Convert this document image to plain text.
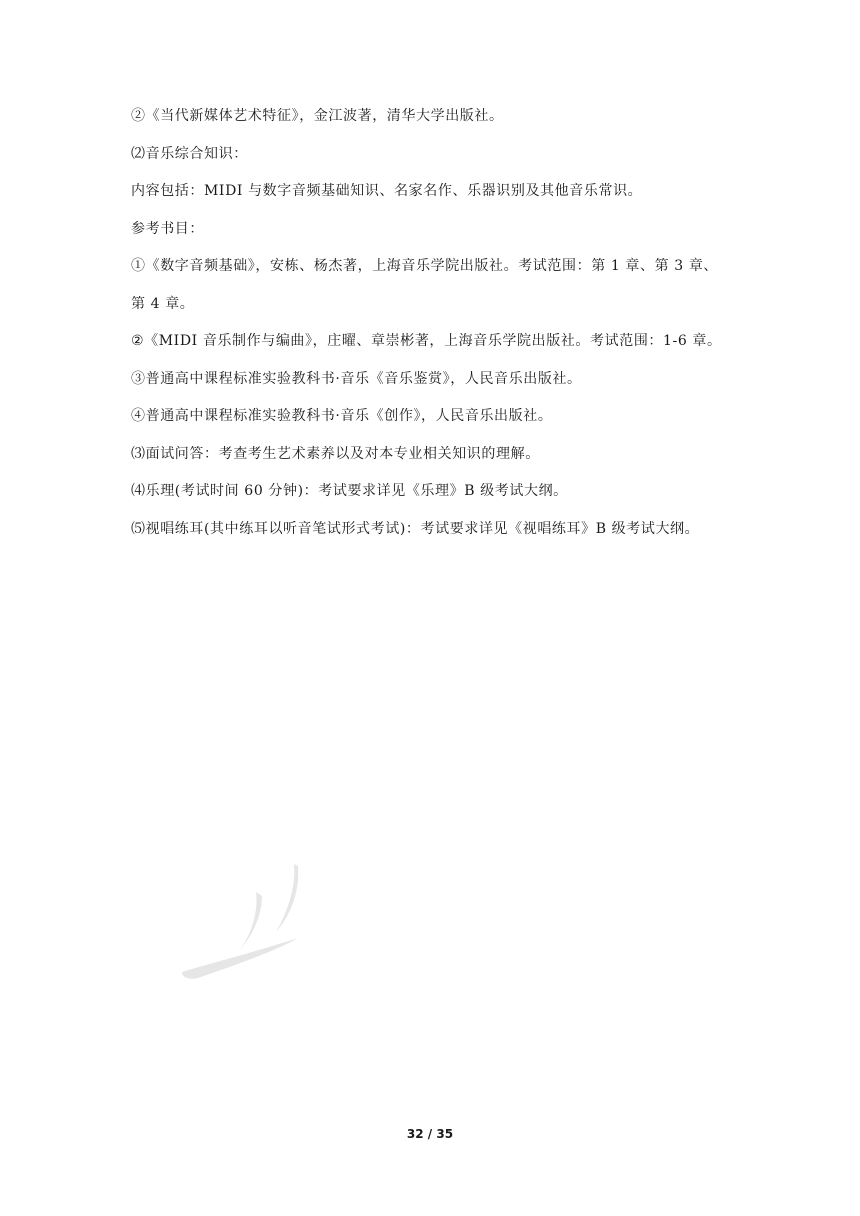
②《当代新媒体艺术特征》，金江波著，清华大学出版社。
⑵音乐综合知识：
内容包括：MIDI 与数字音频基础知识、名家名作、乐器识别及其他音乐常识。
参考书目：
①《数字音频基础》，安栋、杨杰著，上海音乐学院出版社。考试范围：第 1 章、第 3 章、
第 4 章。
②《MIDI 音乐制作与编曲》，庄曜、章崇彬著，上海音乐学院出版社。考试范围：1-6 章。
③普通高中课程标准实验教科书·音乐《音乐鉴赏》，人民音乐出版社。
④普通高中课程标准实验教科书·音乐《创作》，人民音乐出版社。
⑶面试问答：考查考生艺术素养以及对本专业相关知识的理解。
⑷乐理(考试时间 60 分钟)：考试要求详见《乐理》B 级考试大纲。
⑸视唱练耳(其中练耳以听音笔试形式考试)：考试要求详见《视唱练耳》B 级考试大纲。
32 / 35
